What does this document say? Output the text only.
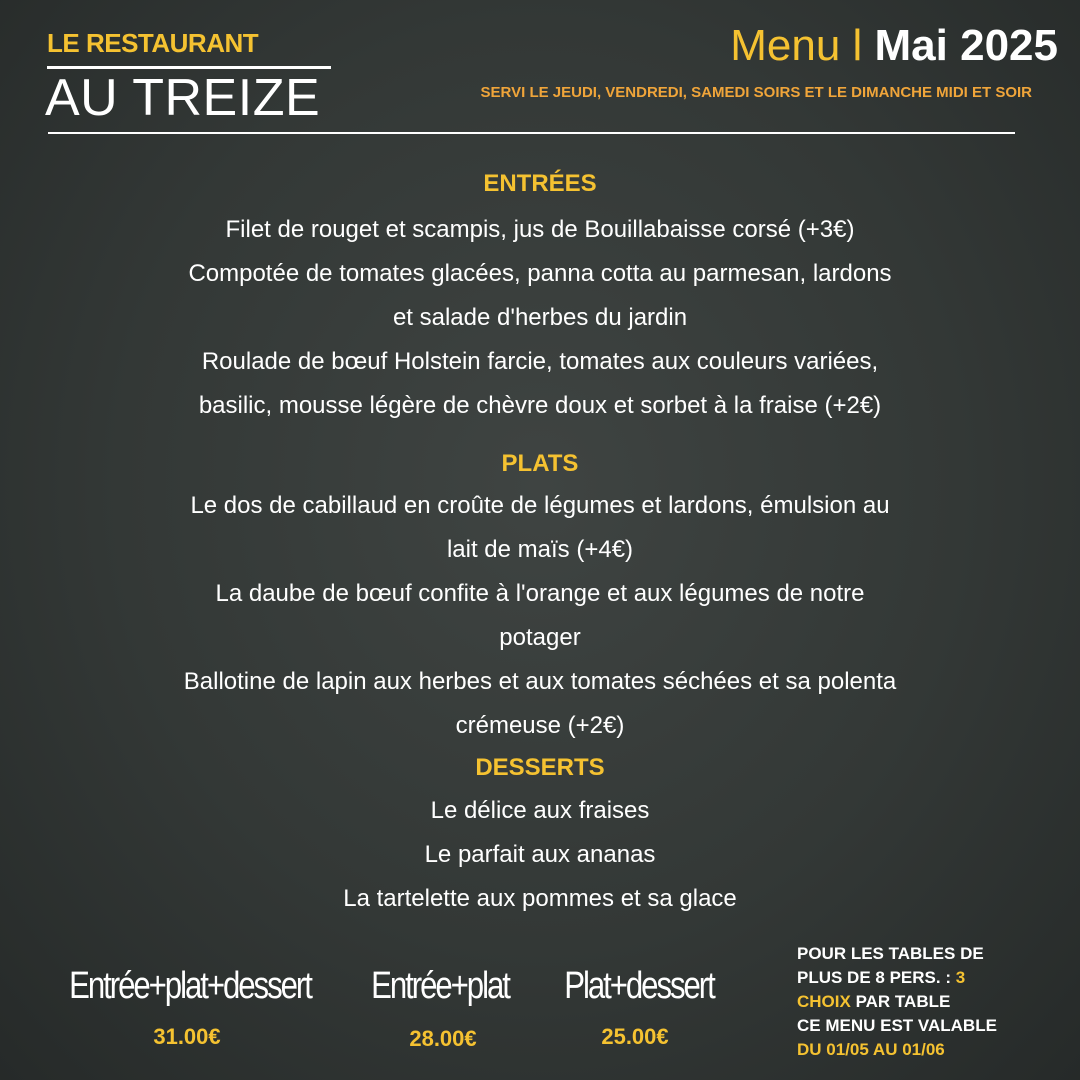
LE RESTAURANT
AU TREIZE
Menu l Mai 2025
SERVI LE JEUDI, VENDREDI, SAMEDI SOIRS ET LE DIMANCHE MIDI ET SOIR
ENTRÉES
Filet de rouget et scampis, jus de Bouillabaisse corsé (+3€)
Compotée de tomates glacées, panna cotta au parmesan, lardons
et salade d'herbes du jardin
Roulade de bœuf Holstein farcie, tomates aux couleurs variées,
basilic, mousse légère de chèvre doux et sorbet à la fraise (+2€)
PLATS
Le dos de cabillaud en croûte de légumes et lardons, émulsion au
lait de maïs (+4€)
La daube de bœuf confite à l'orange et aux légumes de notre
potager
Ballotine de lapin aux herbes et aux tomates séchées et sa polenta
crémeuse (+2€)
DESSERTS
Le délice aux fraises
Le parfait aux ananas
La tartelette aux pommes et sa glace
Entrée+plat+dessert
31.00€
Entrée+plat
28.00€
Plat+dessert
25.00€
POUR LES TABLES DE
PLUS DE 8 PERS. : 3
CHOIX PAR TABLE
CE MENU EST VALABLE
DU 01/05 AU 01/06
